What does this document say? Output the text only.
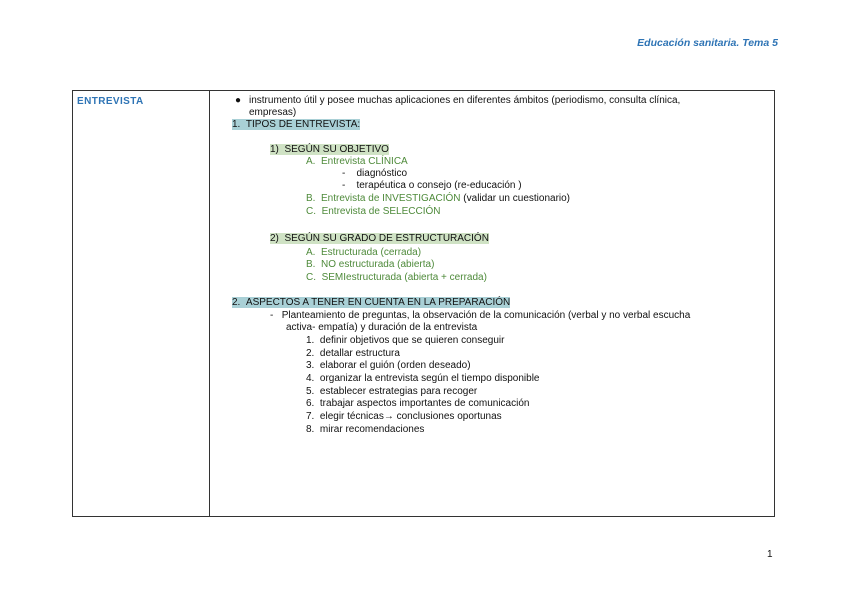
Educación sanitaria. Tema 5
ENTREVISTA	● instrumento útil y posee muchas aplicaciones en diferentes ámbitos (periodismo, consulta clínica,
empresas)
1. TIPOS DE ENTREVISTA:
1) SEGÚN SU OBJETIVO
A. Entrevista CLÍNICA
- diagnóstico
- terapéutica o consejo (re-educación )
B. Entrevista de INVESTIGACIÓN (validar un cuestionario)
C. Entrevista de SELECCIÓN
2) SEGÚN SU GRADO DE ESTRUCTURACIÓN
A. Estructurada (cerrada)
B. NO estructurada (abierta)
C. SEMIestructurada (abierta + cerrada)
2. ASPECTOS A TENER EN CUENTA EN LA PREPARACIÓN
- Planteamiento de preguntas, la observación de la comunicación (verbal y no verbal escucha
activa- empatía) y duración de la entrevista
1. definir objetivos que se quieren conseguir
2. detallar estructura
3. elaborar el guión (orden deseado)
4. organizar la entrevista según el tiempo disponible
5. establecer estrategias para recoger
6. trabajar aspectos importantes de comunicación
7. elegir técnicas→ conclusiones oportunas
8. mirar recomendaciones
1
